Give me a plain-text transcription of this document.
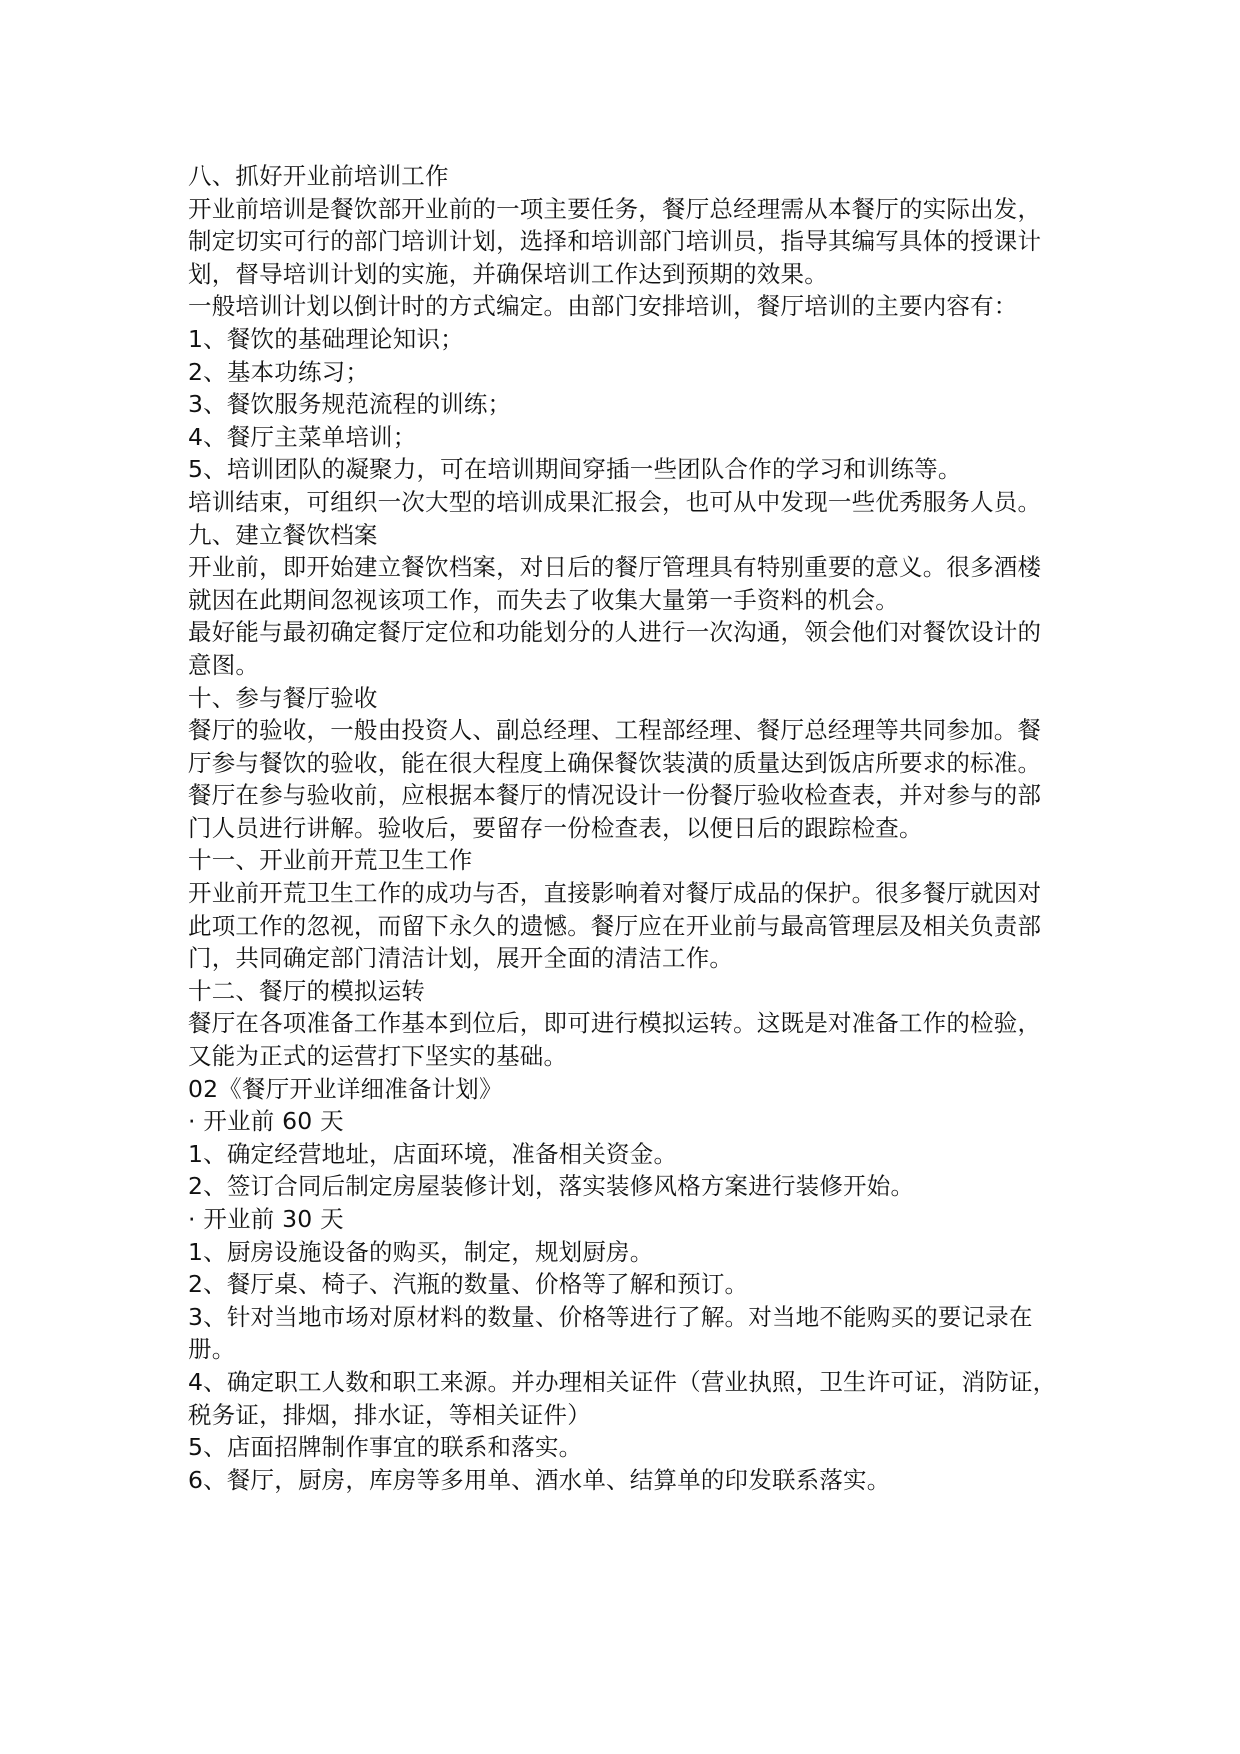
八、抓好开业前培训工作

开业前培训是餐饮部开业前的一项主要任务，餐厅总经理需从本餐厅的实际出发，制定切实可行的部门培训计划，选择和培训部门培训员，指导其编写具体的授课计划，督导培训计划的实施，并确保培训工作达到预期的效果。

一般培训计划以倒计时的方式编定。由部门安排培训，餐厅培训的主要内容有：

1、餐饮的基础理论知识；

2、基本功练习；

3、餐饮服务规范流程的训练；

4、餐厅主菜单培训；

5、培训团队的凝聚力，可在培训期间穿插一些团队合作的学习和训练等。

培训结束，可组织一次大型的培训成果汇报会，也可从中发现一些优秀服务人员。

九、建立餐饮档案

开业前，即开始建立餐饮档案，对日后的餐厅管理具有特别重要的意义。很多酒楼就因在此期间忽视该项工作，而失去了收集大量第一手资料的机会。

最好能与最初确定餐厅定位和功能划分的人进行一次沟通，领会他们对餐饮设计的意图。

十、参与餐厅验收

餐厅的验收，一般由投资人、副总经理、工程部经理、餐厅总经理等共同参加。餐厅参与餐饮的验收，能在很大程度上确保餐饮装潢的质量达到饭店所要求的标准。餐厅在参与验收前，应根据本餐厅的情况设计一份餐厅验收检查表，并对参与的部门人员进行讲解。验收后，要留存一份检查表，以便日后的跟踪检查。

十一、开业前开荒卫生工作

开业前开荒卫生工作的成功与否，直接影响着对餐厅成品的保护。很多餐厅就因对此项工作的忽视，而留下永久的遗憾。餐厅应在开业前与最高管理层及相关负责部门，共同确定部门清洁计划，展开全面的清洁工作。

十二、餐厅的模拟运转

餐厅在各项准备工作基本到位后，即可进行模拟运转。这既是对准备工作的检验，又能为正式的运营打下坚实的基础。

02《餐厅开业详细准备计划》

· 开业前 60 天

1、确定经营地址，店面环境，准备相关资金。

2、签订合同后制定房屋装修计划，落实装修风格方案进行装修开始。

· 开业前 30 天

1、厨房设施设备的购买，制定，规划厨房。

2、餐厅桌、椅子、汽瓶的数量、价格等了解和预订。

3、针对当地市场对原材料的数量、价格等进行了解。对当地不能购买的要记录在册。

4、确定职工人数和职工来源。并办理相关证件（营业执照，卫生许可证，消防证，税务证，排烟，排水证，等相关证件）

5、店面招牌制作事宜的联系和落实。

6、餐厅，厨房，库房等多用单、酒水单、结算单的印发联系落实。
